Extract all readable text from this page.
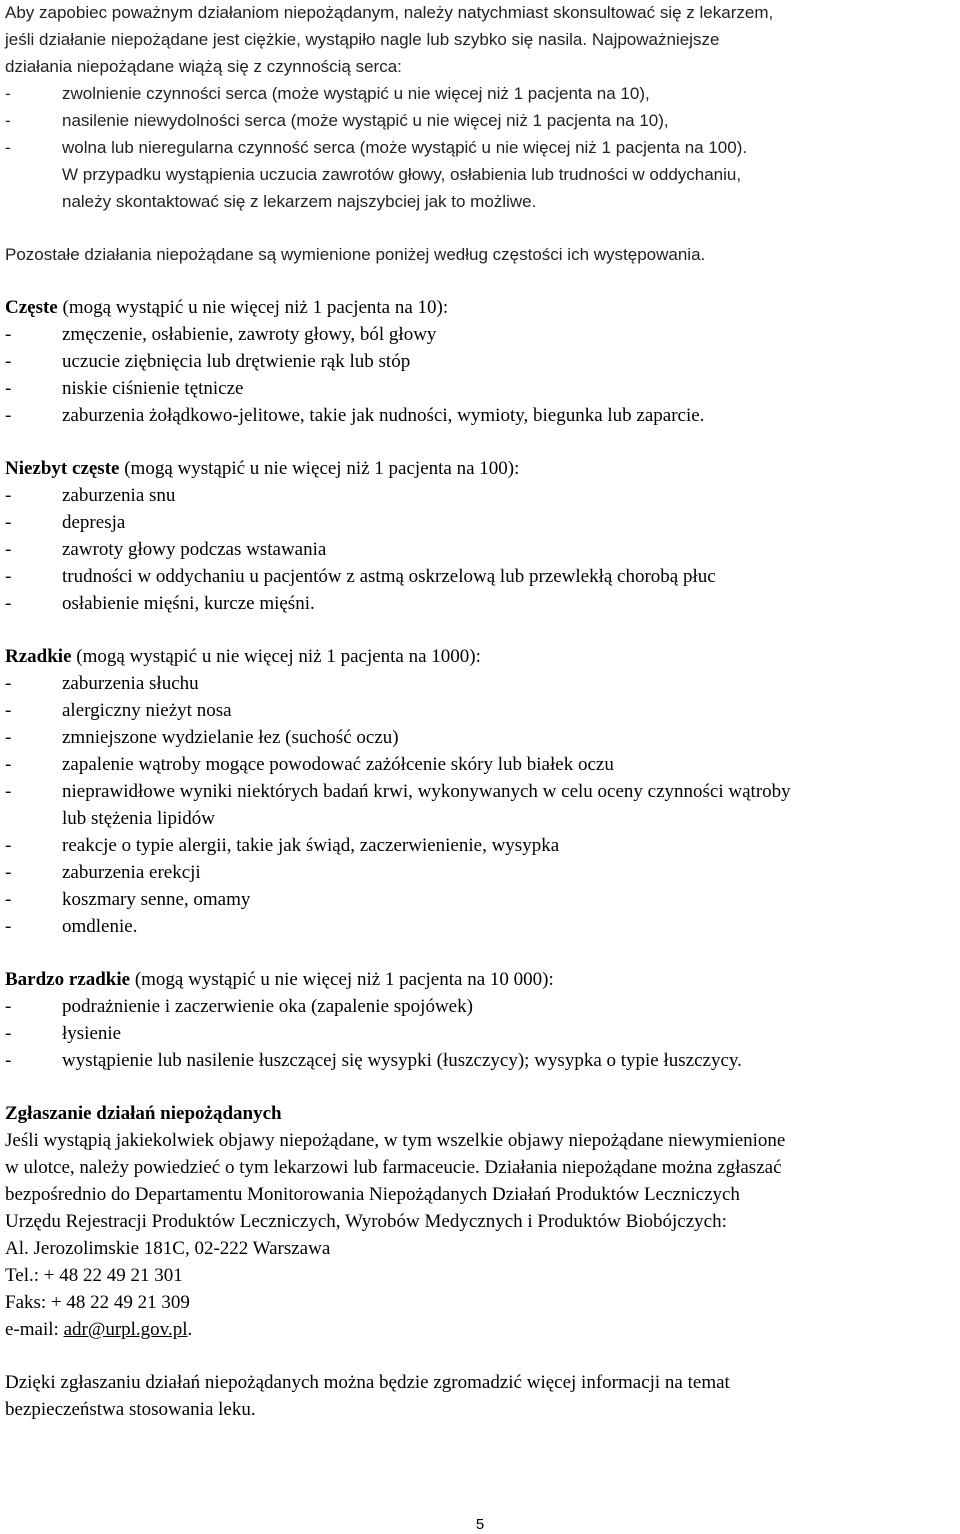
Aby zapobiec poważnym działaniom niepożądanym, należy natychmiast skonsultować się z lekarzem,
jeśli działanie niepożądane jest ciężkie, wystąpiło nagle lub szybko się nasila. Najpoważniejsze
działania niepożądane wiążą się z czynnością serca:
-	zwolnienie czynności serca (może wystąpić u nie więcej niż 1 pacjenta na 10),
-	nasilenie niewydolności serca (może wystąpić u nie więcej niż 1 pacjenta na 10),
-	wolna lub nieregularna czynność serca (może wystąpić u nie więcej niż 1 pacjenta na 100).
W przypadku wystąpienia uczucia zawrotów głowy, osłabienia lub trudności w oddychaniu,
należy skontaktować się z lekarzem najszybciej jak to możliwe.
Pozostałe działania niepożądane są wymienione poniżej według częstości ich występowania.
Częste (mogą wystąpić u nie więcej niż 1 pacjenta na 10):
-	zmęczenie, osłabienie, zawroty głowy, ból głowy
-	uczucie ziębnięcia lub drętwienie rąk lub stóp
-	niskie ciśnienie tętnicze
-	zaburzenia żołądkowo-jelitowe, takie jak nudności, wymioty, biegunka lub zaparcie.
Niezbyt częste (mogą wystąpić u nie więcej niż 1 pacjenta na 100):
-	zaburzenia snu
-	depresja
-	zawroty głowy podczas wstawania
-	trudności w oddychaniu u pacjentów z astmą oskrzelową lub przewlekłą chorobą płuc
-	osłabienie mięśni, kurcze mięśni.
Rzadkie (mogą wystąpić u nie więcej niż 1 pacjenta na 1000):
-	zaburzenia słuchu
-	alergiczny nieżyt nosa
-	zmniejszone wydzielanie łez (suchość oczu)
-	zapalenie wątroby mogące powodować zażółcenie skóry lub białek oczu
-	nieprawidłowe wyniki niektórych badań krwi, wykonywanych w celu oceny czynności wątroby
lub stężenia lipidów
-	reakcje o typie alergii, takie jak świąd, zaczerwienienie, wysypka
-	zaburzenia erekcji
-	koszmary senne, omamy
-	omdlenie.
Bardzo rzadkie (mogą wystąpić u nie więcej niż 1 pacjenta na 10 000):
-	podrażnienie i zaczerwienie oka (zapalenie spojówek)
-	łysienie
-	wystąpienie lub nasilenie łuszczącej się wysypki (łuszczycy); wysypka o typie łuszczycy.
Zgłaszanie działań niepożądanych
Jeśli wystąpią jakiekolwiek objawy niepożądane, w tym wszelkie objawy niepożądane niewymienione
w ulotce, należy powiedzieć o tym lekarzowi lub farmaceucie. Działania niepożądane można zgłaszać
bezpośrednio do Departamentu Monitorowania Niepożądanych Działań Produktów Leczniczych
Urzędu Rejestracji Produktów Leczniczych, Wyrobów Medycznych i Produktów Biobójczych:
Al. Jerozolimskie 181C, 02-222 Warszawa
Tel.: + 48 22 49 21 301
Faks: + 48 22 49 21 309
e-mail: adr@urpl.gov.pl.
Dzięki zgłaszaniu działań niepożądanych można będzie zgromadzić więcej informacji na temat
bezpieczeństwa stosowania leku.
5
